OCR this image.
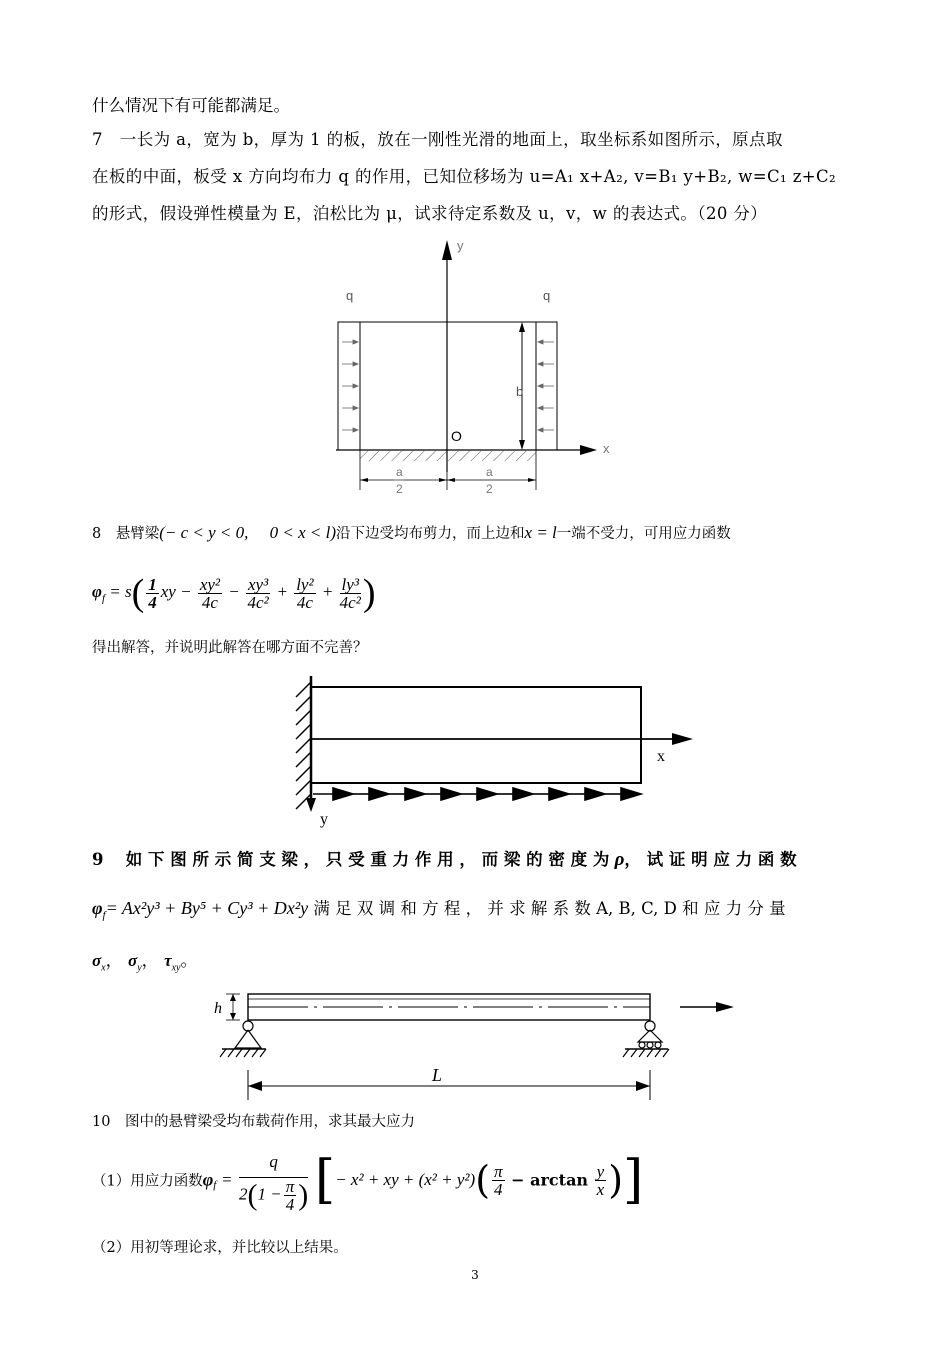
什么情况下有可能都满足。
7　一长为 a，宽为 b，厚为 1 的板，放在一刚性光滑的地面上，取坐标系如图所示，原点取
在板的中面，板受 x 方向均布力 q 的作用，已知位移场为 u=A₁ x+A₂, v=B₁ y+B₂, w=C₁ z+C₂
的形式，假设弹性模量为 E，泊松比为 μ，试求待定系数及 u，v，w 的表达式。（20 分）
y
x
q	q
b
O
a
2
a
2
8　悬臂梁(− c < y < 0,  0 < x < l)沿下边受均布剪力，而上边和x = l一端不受力，可用应力函数
$\varphi_f = s( \frac{1}{4}$ xy − $\frac{\text{xy²}}{4c} - \frac{\text{xy³}}{\text{4c²}} + \frac{\text{ly²}}{4c} + \frac{\text{ly³}}{\text{4c²}}$ )
得出解答，并说明此解答在哪方面不完善？
x
y
9　 如 下 图 所 示 简 支 梁 ， 只 受 重 力 作 用 ， 而 梁 的 密 度 为 ρ， 试 证 明 应 力 函 数
$\varphi_f= Ax^2y^3 + By^5 + Cy^3 + Dx^2y$ 满 足 双 调 和 方 程 ， 并 求 解 系 数 A, B, C, D 和 应 力 分 量
$\sigma_x$， $\sigma_y$， $\tau_{xy}$。
h
L
10　图中的悬臂梁受均布载荷作用，求其最大应力
（1）用应力函数$\varphi_f = \frac{q}{2(1 - \frac{\pi}{4} )}$ [− x² + xy + $(x^2 + y^2)( \frac{\pi}{4} - \arctan \frac{y}{x}$ )]
（2）用初等理论求，并比较以上结果。
3
